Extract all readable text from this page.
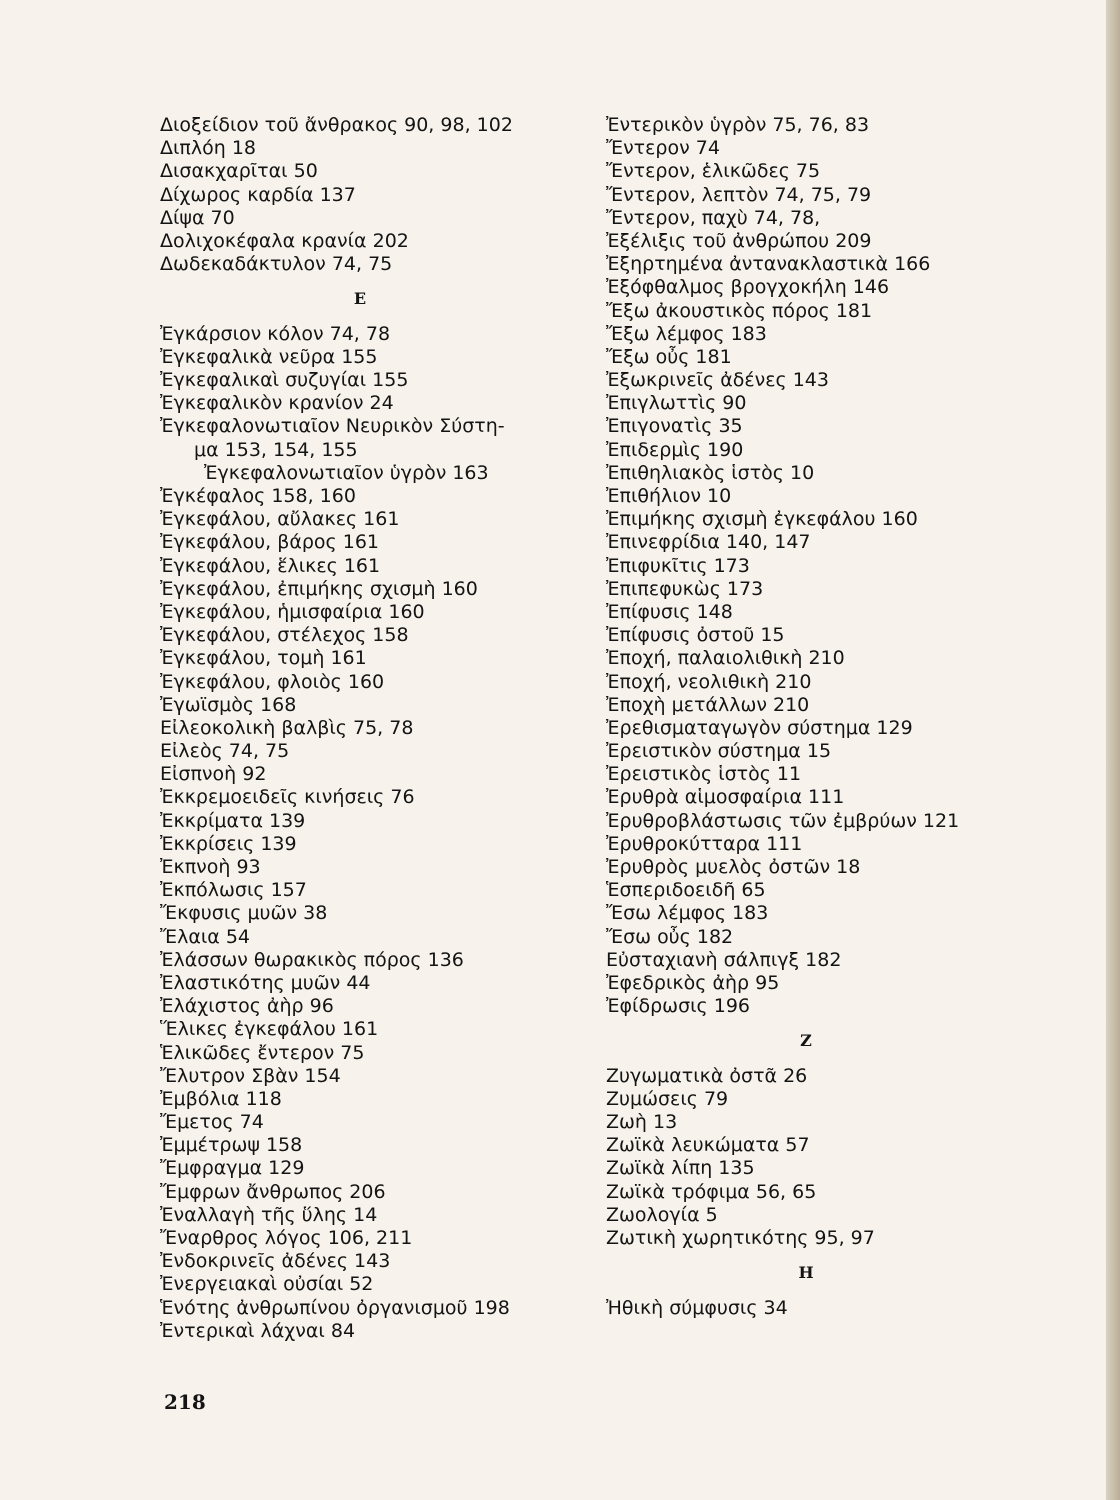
Διοξείδιον τοῦ ἄνθρακος 90, 98, 102
Διπλόη 18
Δισακχαρῖται 50
Δίχωρος καρδία 137
Δίψα 70
Δολιχοκέφαλα κρανία 202
Δωδεκαδάκτυλον 74, 75
E
Ἐγκάρσιον κόλον 74, 78
Ἐγκεφαλικὰ νεῦρα 155
Ἐγκεφαλικαὶ συζυγίαι 155
Ἐγκεφαλικὸν κρανίον 24
Ἐγκεφαλονωτιαῖον Νευρικὸν Σύστη-
μα 153, 154, 155
Ἐγκεφαλονωτιαῖον ὑγρὸν 163
Ἐγκέφαλος 158, 160
Ἐγκεφάλου, αὔλακες 161
Ἐγκεφάλου, βάρος 161
Ἐγκεφάλου, ἕλικες 161
Ἐγκεφάλου, ἐπιμήκης σχισμὴ 160
Ἐγκεφάλου, ἡμισφαίρια 160
Ἐγκεφάλου, στέλεχος 158
Ἐγκεφάλου, τομὴ 161
Ἐγκεφάλου, φλοιὸς 160
Ἐγωϊσμὸς 168
Εἰλεοκολικὴ βαλβὶς 75, 78
Εἰλεὸς 74, 75
Εἰσπνοὴ 92
Ἐκκρεμοειδεῖς κινήσεις 76
Ἐκκρίματα 139
Ἐκκρίσεις 139
Ἐκπνοὴ 93
Ἐκπόλωσις 157
Ἔκφυσις μυῶν 38
Ἔλαια 54
Ἐλάσσων θωρακικὸς πόρος 136
Ἐλαστικότης μυῶν 44
Ἐλάχιστος ἀὴρ 96
Ἕλικες ἐγκεφάλου 161
Ἑλικῶδες ἔντερον 75
Ἔλυτρον Σβὰν 154
Ἐμβόλια 118
Ἔμετος 74
Ἐμμέτρωψ 158
Ἔμφραγμα 129
Ἔμφρων ἄνθρωπος 206
Ἐναλλαγὴ τῆς ὕλης 14
Ἔναρθρος λόγος 106, 211
Ἐνδοκρινεῖς ἀδένες 143
Ἐνεργειακαὶ οὐσίαι 52
Ἑνότης ἀνθρωπίνου ὀργανισμοῦ 198
Ἐντερικαὶ λάχναι 84
Ἐντερικὸν ὑγρὸν 75, 76, 83
Ἔντερον 74
Ἔντερον, ἑλικῶδες 75
Ἔντερον, λεπτὸν 74, 75, 79
Ἔντερον, παχὺ 74, 78,
Ἐξέλιξις τοῦ ἀνθρώπου 209
Ἐξηρτημένα ἀντανακλαστικὰ 166
Ἐξόφθαλμος βρογχοκήλη 146
Ἔξω ἀκουστικὸς πόρος 181
Ἔξω λέμφος 183
Ἔξω οὖς 181
Ἐξωκρινεῖς ἀδένες 143
Ἐπιγλωττὶς 90
Ἐπιγονατὶς 35
Ἐπιδερμὶς 190
Ἐπιθηλιακὸς ἱστὸς 10
Ἐπιθήλιον 10
Ἐπιμήκης σχισμὴ ἐγκεφάλου 160
Ἐπινεφρίδια 140, 147
Ἐπιφυκῖτις 173
Ἐπιπεφυκὼς 173
Ἐπίφυσις 148
Ἐπίφυσις ὀστοῦ 15
Ἐποχή, παλαιολιθικὴ 210
Ἐποχή, νεολιθικὴ 210
Ἐποχὴ μετάλλων 210
Ἐρεθισματαγωγὸν σύστημα 129
Ἐρειστικὸν σύστημα 15
Ἐρειστικὸς ἱστὸς 11
Ἐρυθρὰ αἱμοσφαίρια 111
Ἐρυθροβλάστωσις τῶν ἐμβρύων 121
Ἐρυθροκύτταρα 111
Ἐρυθρὸς μυελὸς ὀστῶν 18
Ἑσπεριδοειδῆ 65
Ἔσω λέμφος 183
Ἔσω οὖς 182
Εὐσταχιανὴ σάλπιγξ 182
Ἐφεδρικὸς ἀὴρ 95
Ἐφίδρωσις 196
Z
Ζυγωματικὰ ὀστᾶ 26
Ζυμώσεις 79
Ζωὴ 13
Ζωϊκὰ λευκώματα 57
Ζωϊκὰ λίπη 135
Ζωϊκὰ τρόφιμα 56, 65
Ζωολογία 5
Ζωτικὴ χωρητικότης 95, 97
H
Ἠθικὴ σύμφυσις 34
218
